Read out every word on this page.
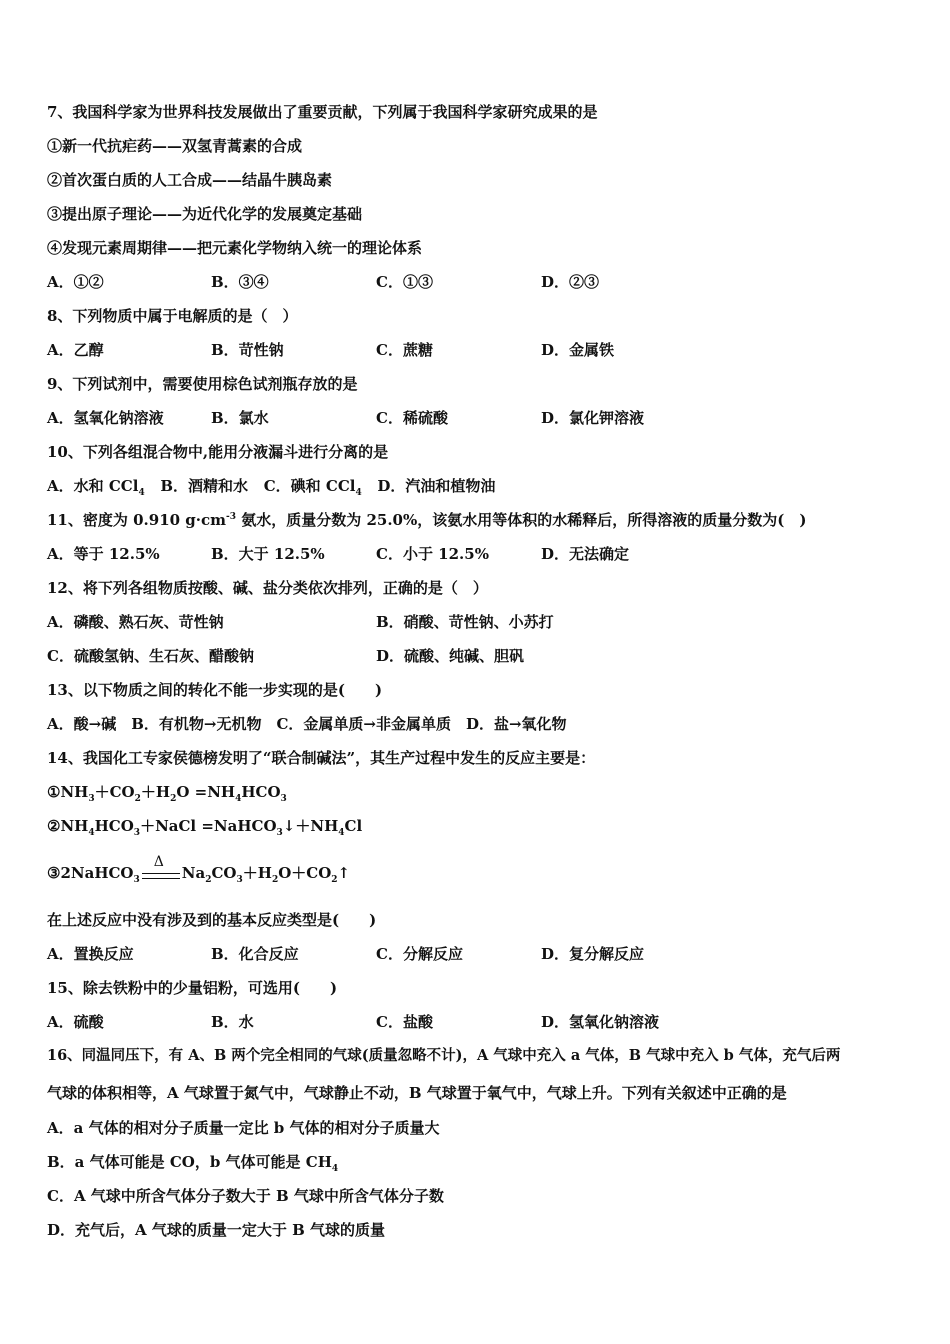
7、我国科学家为世界科技发展做出了重要贡献，下列属于我国科学家研究成果的是
①新一代抗疟药——双氢青蒿素的合成
②首次蛋白质的人工合成——结晶牛胰岛素
③提出原子理论——为近代化学的发展奠定基础
④发现元素周期律——把元素化学物纳入统一的理论体系
A．①②	B．③④	C．①③	D．②③
8、下列物质中属于电解质的是（　）
A．乙醇	B．苛性钠	C．蔗糖	D．金属铁
9、下列试剂中，需要使用棕色试剂瓶存放的是
A．氢氧化钠溶液	B．氯水	C．稀硫酸	D．氯化钾溶液
10、下列各组混合物中,能用分液漏斗进行分离的是
A．水和 CCl$_4$ B．酒精和水 C．碘和 CCl$_4$ D．汽油和植物油
11、密度为 0.910 $g\cdot cm^{-3}$ 氨水，质量分数为 25.0%，该氨水用等体积的水稀释后，所得溶液的质量分数为(　)
A．等于 12.5%	B．大于 12.5%	C．小于 12.5%	D．无法确定
12、将下列各组物质按酸、碱、盐分类依次排列，正确的是（　）
A．磷酸、熟石灰、苛性钠	B．硝酸、苛性钠、小苏打
C．硫酸氢钠、生石灰、醋酸钠	D．硫酸、纯碱、胆矾
13、以下物质之间的转化不能一步实现的是(　　)
A．酸→碱　B．有机物→无机物　C．金属单质→非金属单质　D．盐→氧化物
14、我国化工专家侯德榜发明了“联合制碱法”，其生产过程中发生的反应主要是：
$①NH_3+CO_2+H_2O =NH_4HCO_3$
$②NH_4HCO_3+NaCl$ $=NaHCO_3↓+NH_4Cl$
③2NaHCO$_3$
Δ
$Na_2CO_3+H_2O+CO_2↑$
在上述反应中没有涉及到的基本反应类型是(　　)
A．置换反应	B．化合反应	C．分解反应	D．复分解反应
15、除去铁粉中的少量铝粉，可选用(　　)
A．硫酸	B．水	C．盐酸	D．氢氧化钠溶液
16、同温同压下，有 A、B 两个完全相同的气球(质量忽略不计)，A 气球中充入 a 气体，B 气球中充入 b 气体，充气后两
气球的体积相等，A 气球置于氮气中，气球静止不动，B 气球置于氧气中，气球上升。下列有关叙述中正确的是
A．a 气体的相对分子质量一定比 b 气体的相对分子质量大
B．a 气体可能是 CO，b 气体可能是 $CH_4$
C．A 气球中所含气体分子数大于 B 气球中所含气体分子数
D．充气后，A 气球的质量一定大于 B 气球的质量
